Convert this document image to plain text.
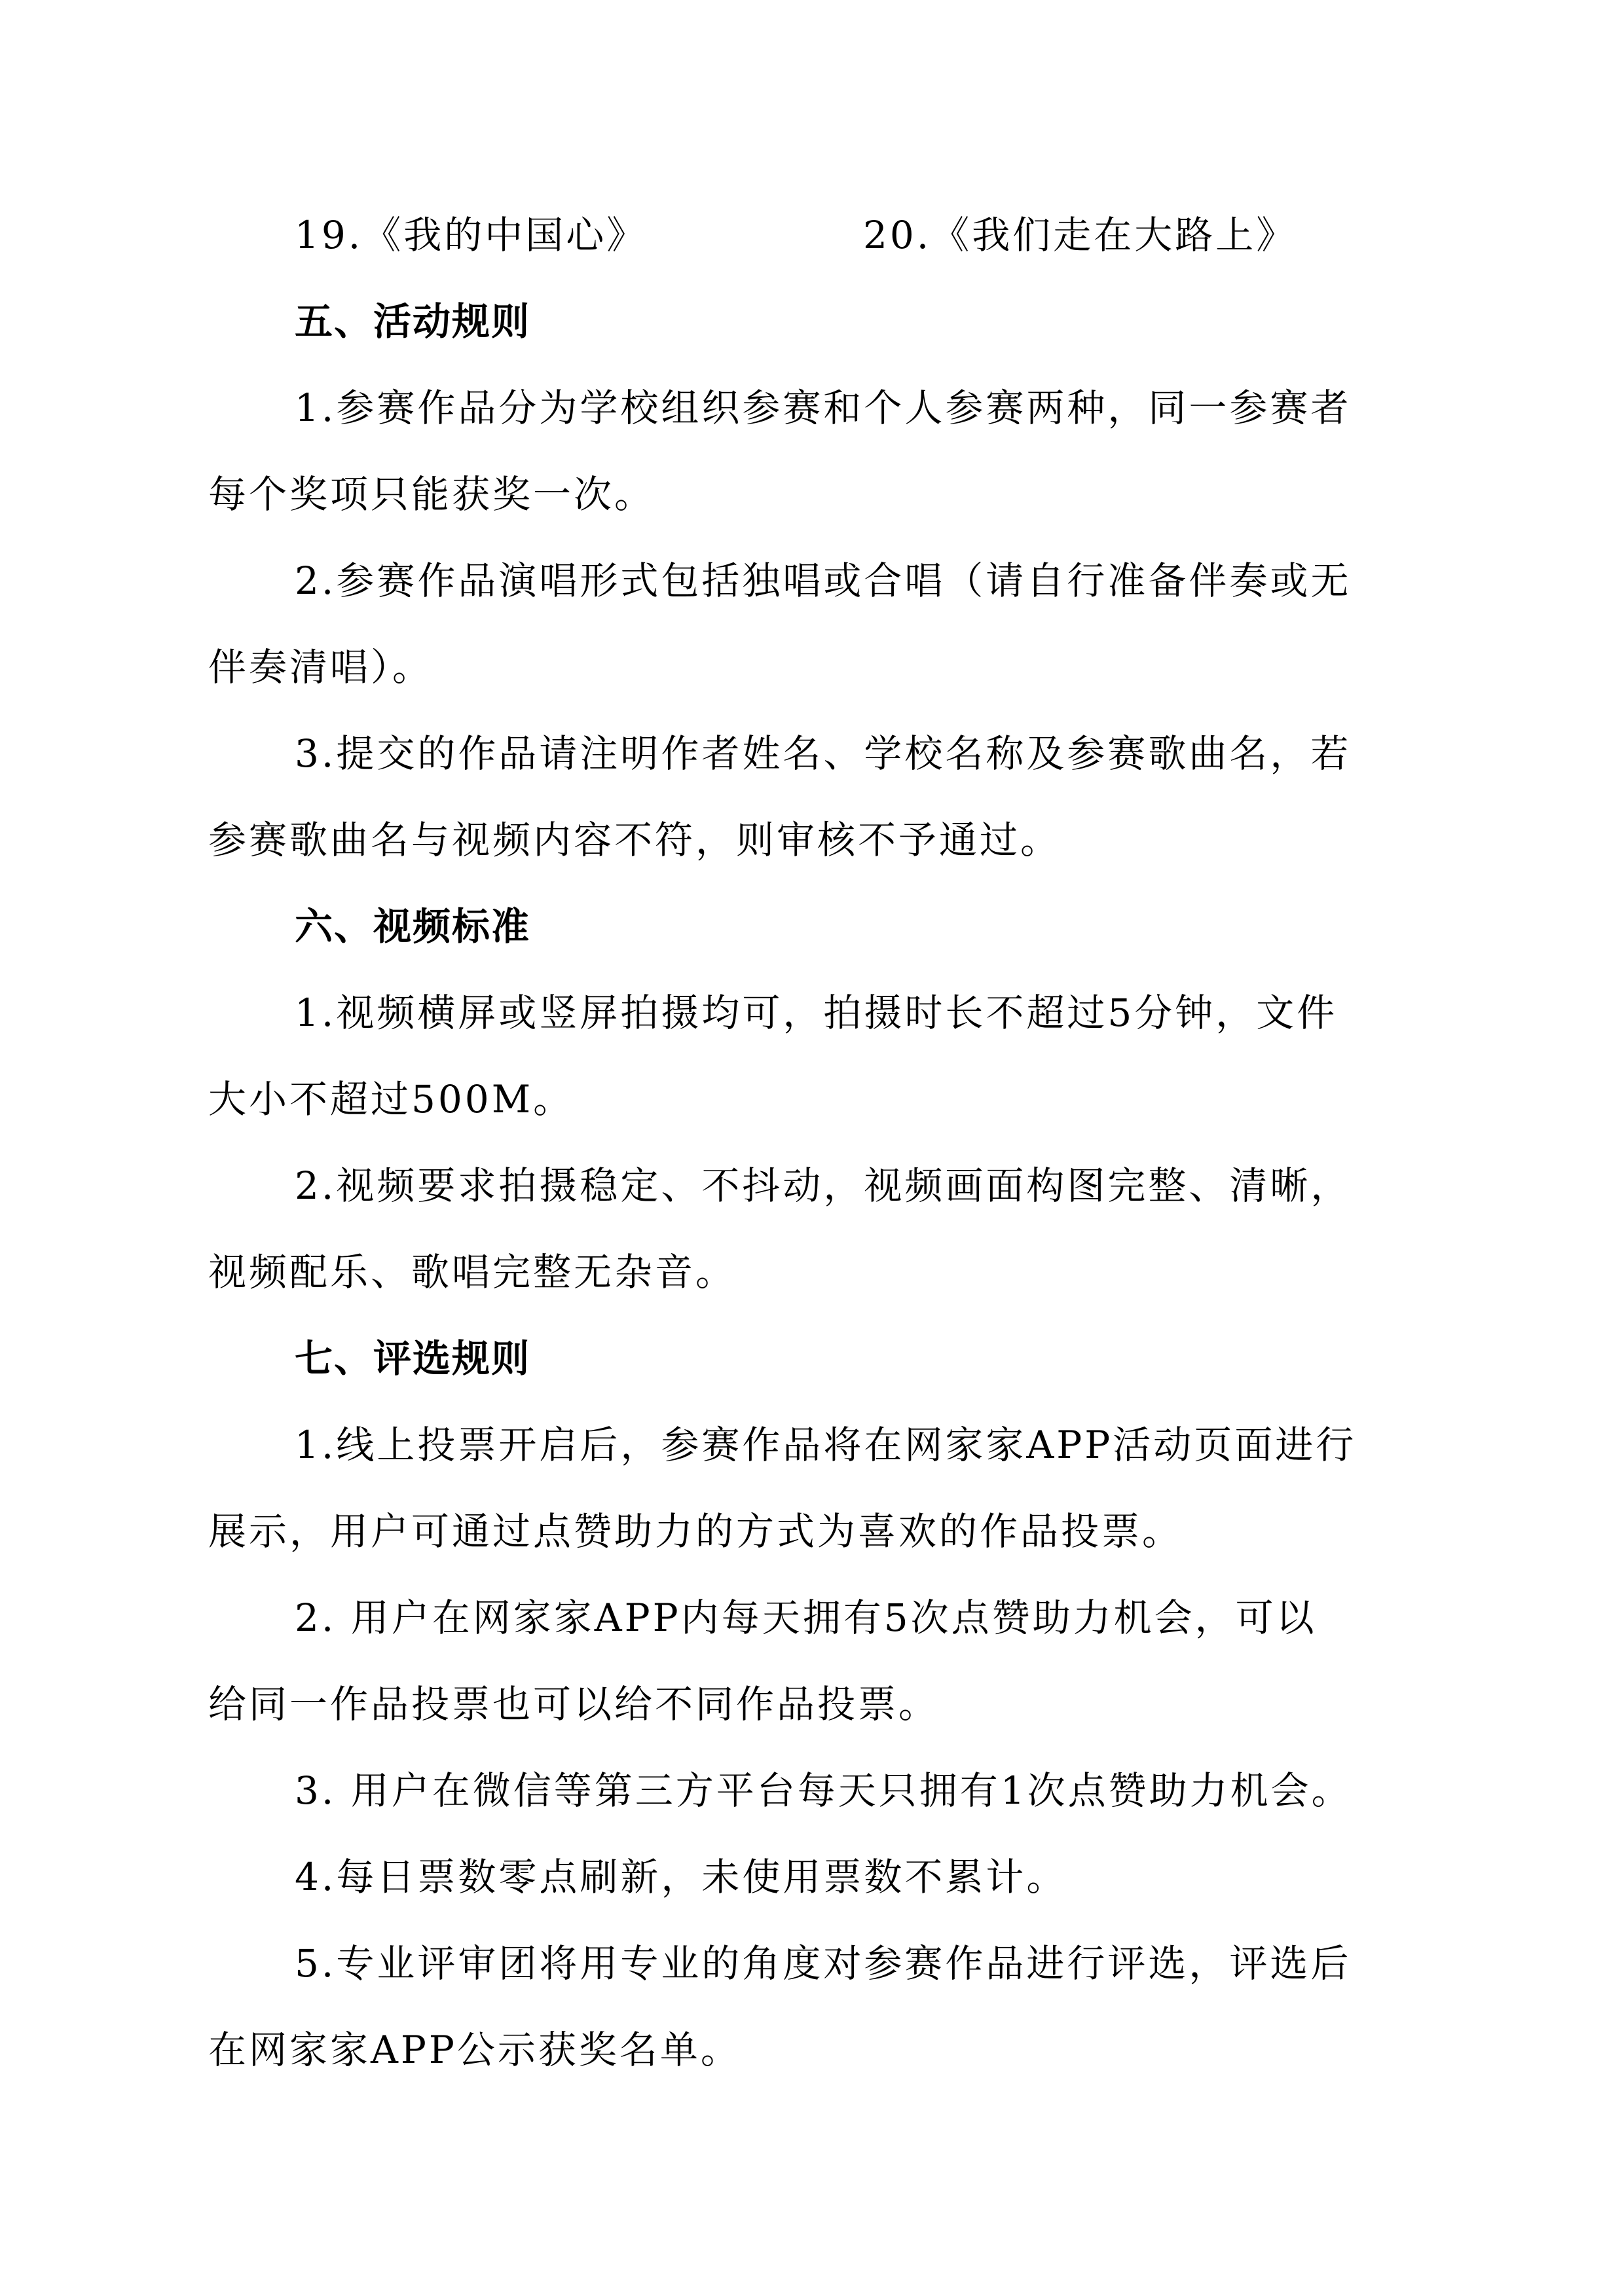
19.《我的中国心》	20.《我们走在大路上》
五、活动规则
1.参赛作品分为学校组织参赛和个人参赛两种，同一参赛者
每个奖项只能获奖一次。
2.参赛作品演唱形式包括独唱或合唱（请自行准备伴奏或无
伴奏清唱）。
3.提交的作品请注明作者姓名、学校名称及参赛歌曲名，若
参赛歌曲名与视频内容不符，则审核不予通过。
六、视频标准
1.视频横屏或竖屏拍摄均可，拍摄时长不超过5分钟，文件
大小不超过500M。
2.视频要求拍摄稳定、不抖动，视频画面构图完整、清晰，
视频配乐、歌唱完整无杂音。
七、评选规则
1.线上投票开启后，参赛作品将在网家家APP活动页面进行
展示，用户可通过点赞助力的方式为喜欢的作品投票。
2. 用户在网家家APP内每天拥有5次点赞助力机会，可以
给同一作品投票也可以给不同作品投票。
3. 用户在微信等第三方平台每天只拥有1次点赞助力机会。
4.每日票数零点刷新，未使用票数不累计。
5.专业评审团将用专业的角度对参赛作品进行评选，评选后
在网家家APP公示获奖名单。
